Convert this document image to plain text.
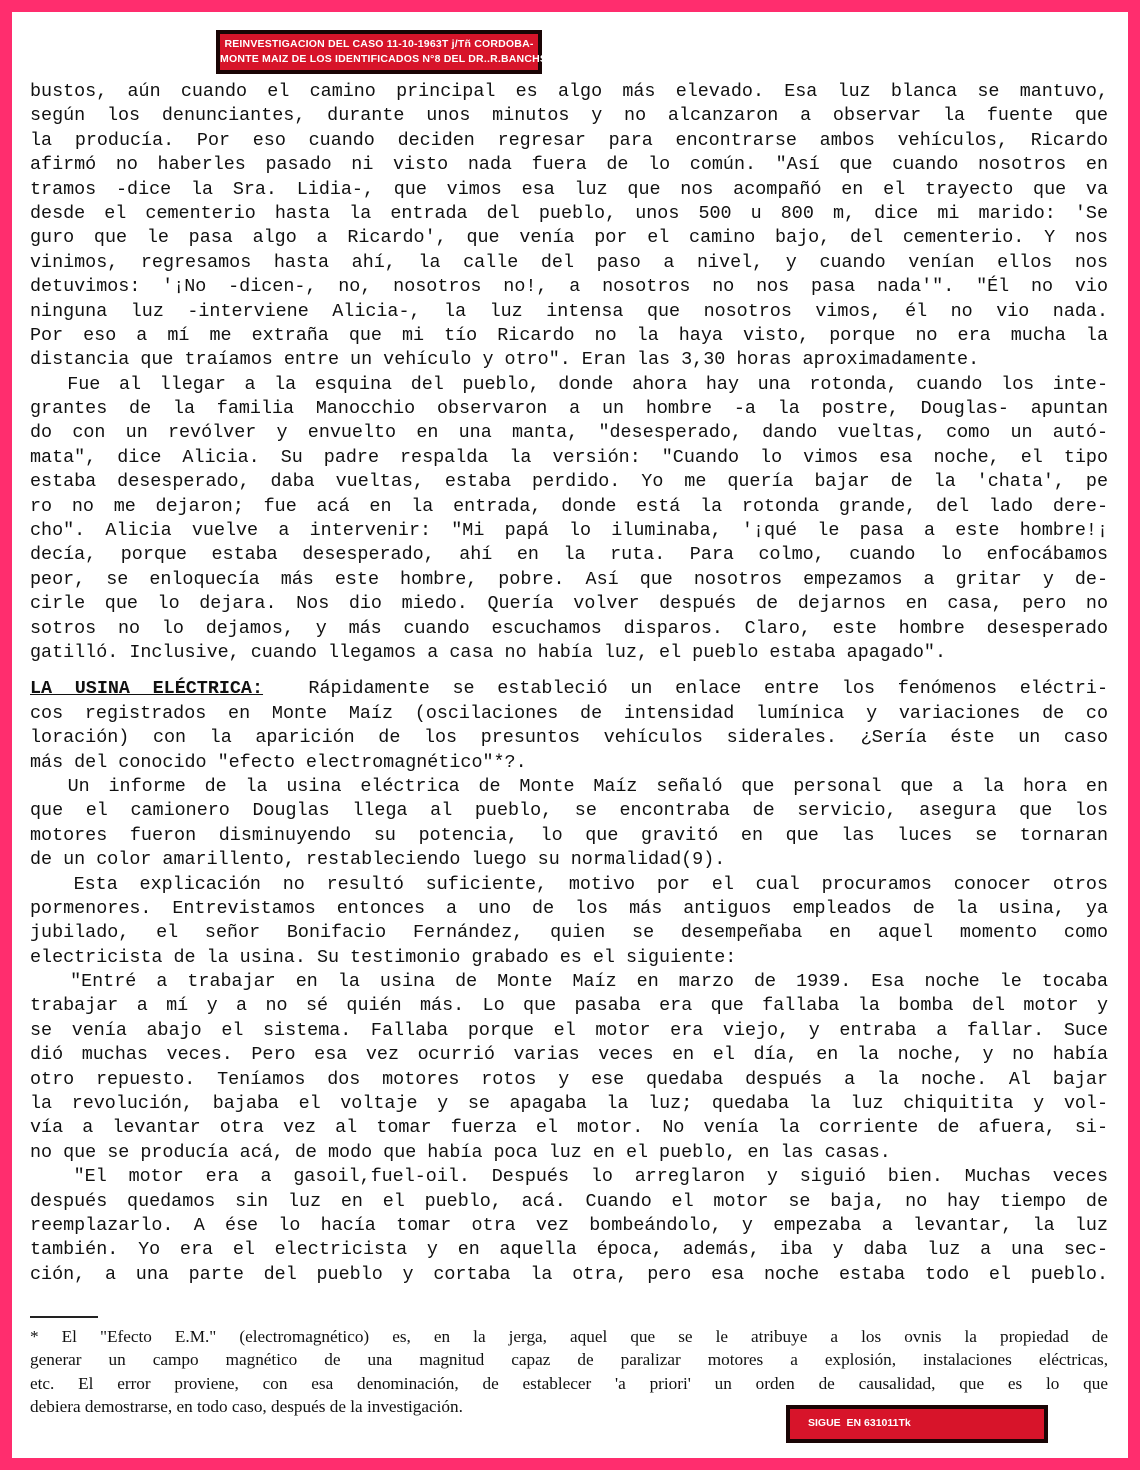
REINVESTIGACION DEL CASO 11-10-1963T j/Tñ CORDOBA-
MONTE MAIZ DE LOS IDENTIFICADOS N°8 DEL DR..R.BANCHS
bustos, aún cuando el camino principal es algo más elevado. Esa luz blanca se mantuvo,
según los denunciantes, durante unos minutos y no alcanzaron a observar la fuente que
la producía. Por eso cuando deciden regresar para encontrarse ambos vehículos, Ricardo
afirmó no haberles pasado ni visto nada fuera de lo común. "Así que cuando nosotros en
tramos -dice la Sra. Lidia-, que vimos esa luz que nos acompañó en el trayecto que va
desde el cementerio hasta la entrada del pueblo, unos 500 u 800 m, dice mi marido: 'Se
guro que le pasa algo a Ricardo', que venía por el camino bajo, del cementerio. Y nos
vinimos, regresamos hasta ahí, la calle del paso a nivel, y cuando venían ellos nos
detuvimos: '¡No -dicen-, no, nosotros no!, a nosotros no nos pasa nada'". "Él no vio
ninguna luz -interviene Alicia-, la luz intensa que nosotros vimos, él no vio nada.
Por eso a mí me extraña que mi tío Ricardo no la haya visto, porque no era mucha la
distancia que traíamos entre un vehículo y otro". Eran las 3,30 horas aproximadamente.
Fue al llegar a la esquina del pueblo, donde ahora hay una rotonda, cuando los inte-
grantes de la familia Manocchio observaron a un hombre -a la postre, Douglas- apuntan
do con un revólver y envuelto en una manta, "desesperado, dando vueltas, como un autó-
mata", dice Alicia. Su padre respalda la versión: "Cuando lo vimos esa noche, el tipo
estaba desesperado, daba vueltas, estaba perdido. Yo me quería bajar de la 'chata', pe
ro no me dejaron; fue acá en la entrada, donde está la rotonda grande, del lado dere-
cho". Alicia vuelve a intervenir: "Mi papá lo iluminaba, '¡qué le pasa a este hombre!¡
decía, porque estaba desesperado, ahí en la ruta. Para colmo, cuando lo enfocábamos
peor, se enloquecía más este hombre, pobre. Así que nosotros empezamos a gritar y de-
cirle que lo dejara. Nos dio miedo. Quería volver después de dejarnos en casa, pero no
sotros no lo dejamos, y más cuando escuchamos disparos. Claro, este hombre desesperado
gatilló. Inclusive, cuando llegamos a casa no había luz, el pueblo estaba apagado".
LA USINA ELÉCTRICA:  Rápidamente se estableció un enlace entre los fenómenos eléctri-
cos registrados en Monte Maíz (oscilaciones de intensidad lumínica y variaciones de co
loración) con la aparición de los presuntos vehículos siderales. ¿Sería éste un caso
más del conocido "efecto electromagnético"*?.
Un informe de la usina eléctrica de Monte Maíz señaló que personal que a la hora en
que el camionero Douglas llega al pueblo, se encontraba de servicio, asegura que los
motores fueron disminuyendo su potencia, lo que gravitó en que las luces se tornaran
de un color amarillento, restableciendo luego su normalidad(9).
Esta explicación no resultó suficiente, motivo por el cual procuramos conocer otros
pormenores. Entrevistamos entonces a uno de los más antiguos empleados de la usina, ya
jubilado, el señor Bonifacio Fernández, quien se desempeñaba en aquel momento como
electricista de la usina. Su testimonio grabado es el siguiente:
"Entré a trabajar en la usina de Monte Maíz en marzo de 1939. Esa noche le tocaba
trabajar a mí y a no sé quién más. Lo que pasaba era que fallaba la bomba del motor y
se venía abajo el sistema. Fallaba porque el motor era viejo, y entraba a fallar. Suce
dió muchas veces. Pero esa vez ocurrió varias veces en el día, en la noche, y no había
otro repuesto. Teníamos dos motores rotos y ese quedaba después a la noche. Al bajar
la revolución, bajaba el voltaje y se apagaba la luz; quedaba la luz chiquitita y vol-
vía a levantar otra vez al tomar fuerza el motor. No venía la corriente de afuera, si-
no que se producía acá, de modo que había poca luz en el pueblo, en las casas.
"El motor era a gasoil,fuel-oil. Después lo arreglaron y siguió bien. Muchas veces
después quedamos sin luz en el pueblo, acá. Cuando el motor se baja, no hay tiempo de
reemplazarlo. A ése lo hacía tomar otra vez bombeándolo, y empezaba a levantar, la luz
también. Yo era el electricista y en aquella época, además, iba y daba luz a una sec-
ción, a una parte del pueblo y cortaba la otra, pero esa noche estaba todo el pueblo.
* El "Efecto E.M." (electromagnético) es, en la jerga, aquel que se le atribuye a los ovnis la propiedad de
generar un campo magnético de una magnitud capaz de paralizar motores a explosión, instalaciones eléctricas,
etc. El error proviene, con esa denominación, de establecer 'a priori' un orden de causalidad, que es lo que
debiera demostrarse, en todo caso, después de la investigación.
SIGUE  EN 631011Tk
